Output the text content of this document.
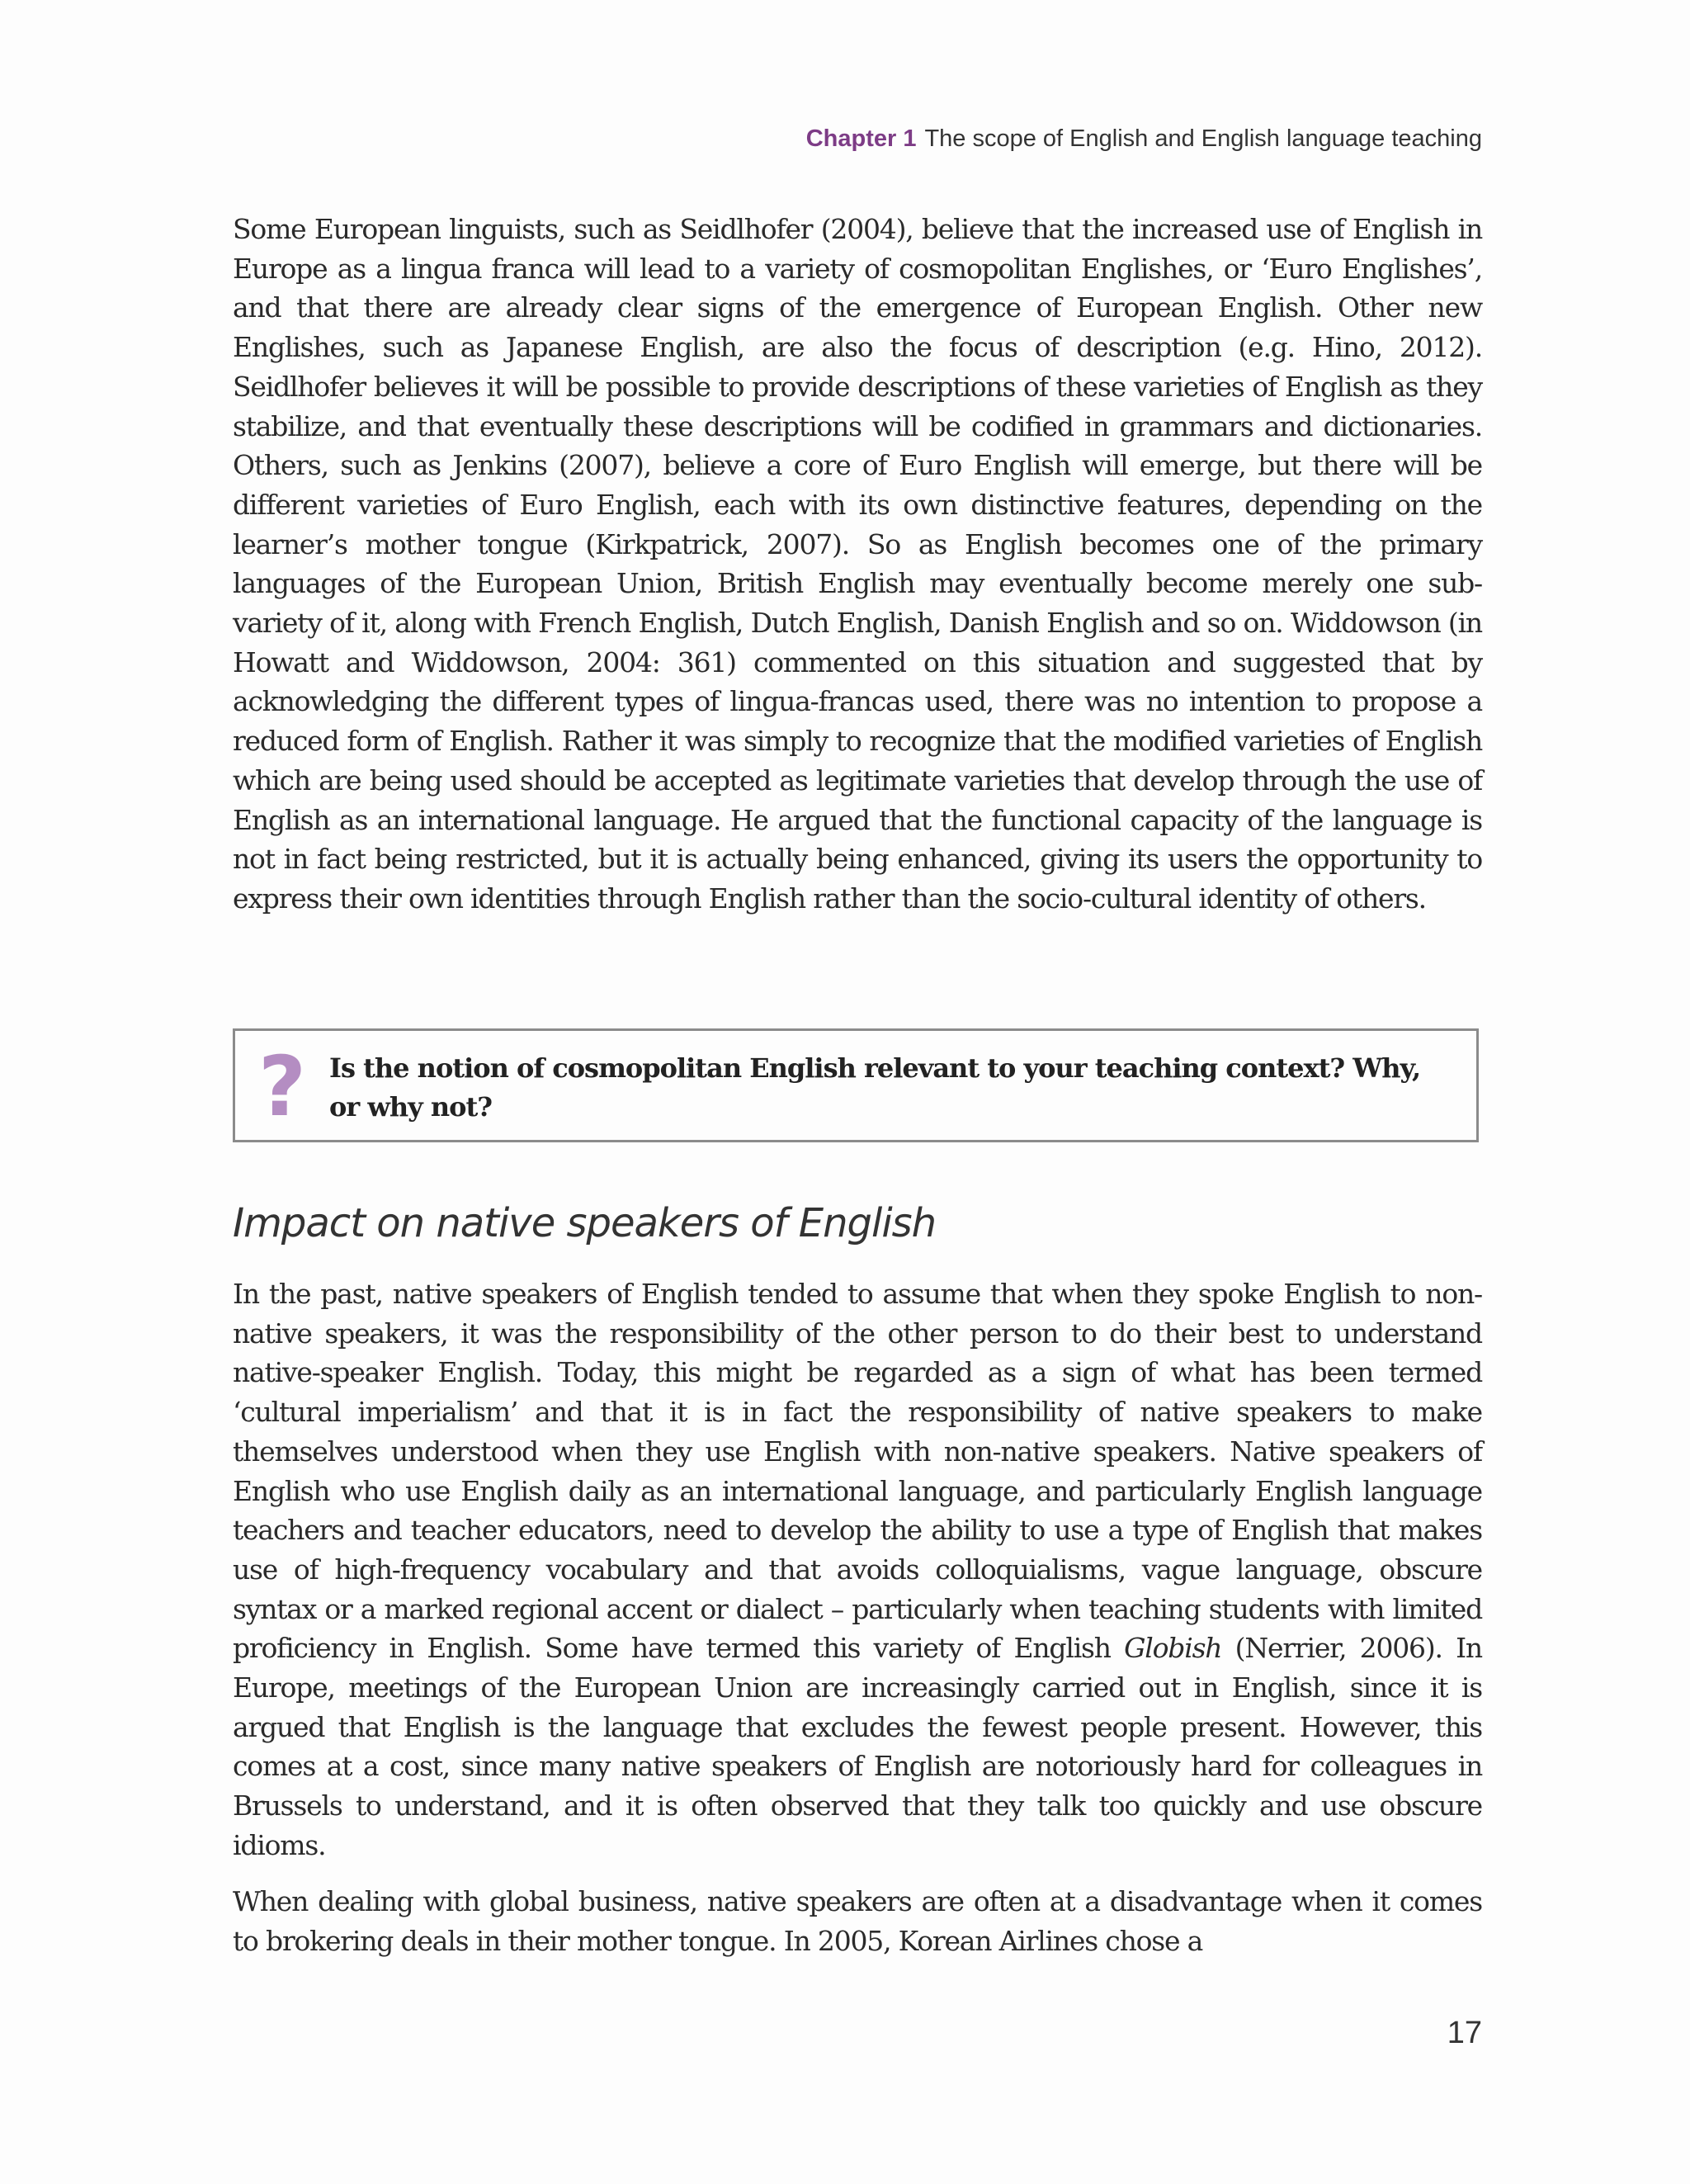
Chapter 1 The scope of English and English language teaching

Some European linguists, such as Seidlhofer (2004), believe that the increased use of English in Europe as a lingua franca will lead to a variety of cosmopolitan Englishes, or ‘Euro Englishes’, and that there are already clear signs of the emergence of European English. Other new Englishes, such as Japanese English, are also the focus of description (e.g. Hino, 2012). Seidlhofer believes it will be possible to provide descriptions of these varieties of English as they stabilize, and that eventually these descriptions will be codified in grammars and dictionaries. Others, such as Jenkins (2007), believe a core of Euro English will emerge, but there will be different varieties of Euro English, each with its own distinctive features, depending on the learner’s mother tongue (Kirkpatrick, 2007). So as English becomes one of the primary languages of the European Union, British English may eventually become merely one sub-variety of it, along with French English, Dutch English, Danish English and so on. Widdowson (in Howatt and Widdowson, 2004: 361) commented on this situation and suggested that by acknowledging the different types of lingua-francas used, there was no intention to propose a reduced form of English. Rather it was simply to recognize that the modified varieties of English which are being used should be accepted as legitimate varieties that develop through the use of English as an international language. He argued that the functional capacity of the language is not in fact being restricted, but it is actually being enhanced, giving its users the opportunity to express their own identities through English rather than the socio-cultural identity of others.

? Is the notion of cosmopolitan English relevant to your teaching context? Why, or why not?
Impact on native speakers of English

In the past, native speakers of English tended to assume that when they spoke English to non-native speakers, it was the responsibility of the other person to do their best to understand native-speaker English. Today, this might be regarded as a sign of what has been termed ‘cultural imperialism’ and that it is in fact the responsibility of native speakers to make themselves understood when they use English with non-native speakers. Native speakers of English who use English daily as an international language, and particularly English language teachers and teacher educators, need to develop the ability to use a type of English that makes use of high-frequency vocabulary and that avoids colloquialisms, vague language, obscure syntax or a marked regional accent or dialect – particularly when teaching students with limited proficiency in English. Some have termed this variety of English Globish (Nerrier, 2006). In Europe, meetings of the European Union are increasingly carried out in English, since it is argued that English is the language that excludes the fewest people present. However, this comes at a cost, since many native speakers of English are notoriously hard for colleagues in Brussels to understand, and it is often observed that they talk too quickly and use obscure idioms.

When dealing with global business, native speakers are often at a disadvantage when it comes to brokering deals in their mother tongue. In 2005, Korean Airlines chose a

17
